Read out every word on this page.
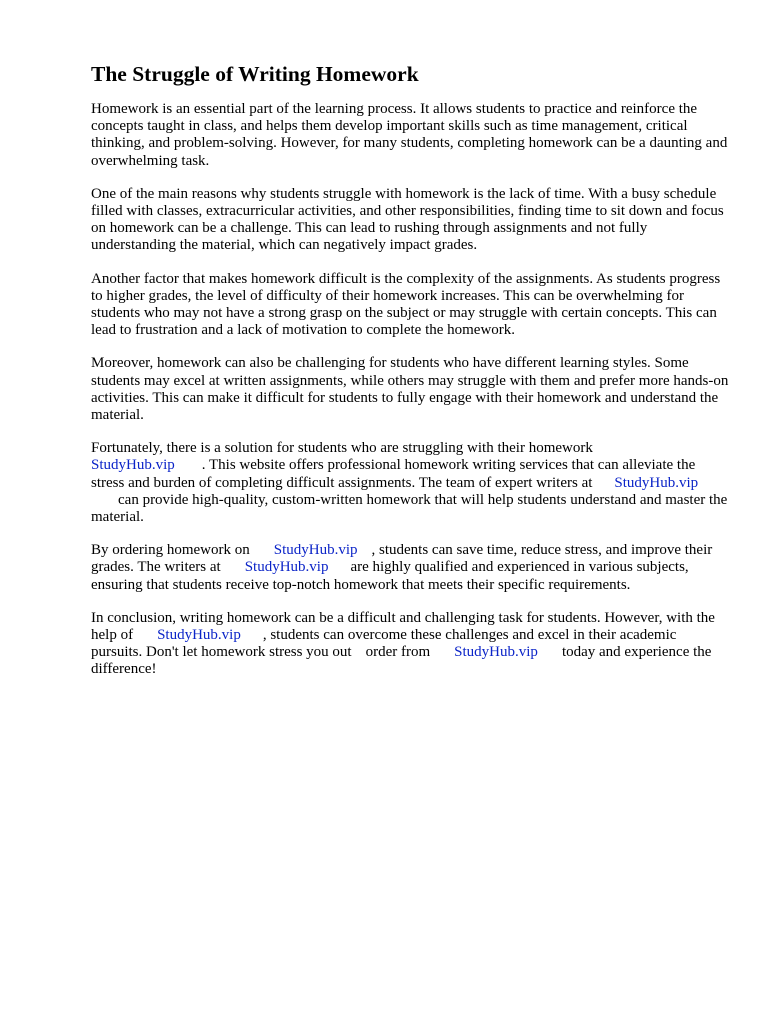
The Struggle of Writing Homework

Homework is an essential part of the learning process. It allows students to practice and reinforce the concepts taught in class, and helps them develop important skills such as time management, critical thinking, and problem-solving. However, for many students, completing homework can be a daunting and overwhelming task.

One of the main reasons why students struggle with homework is the lack of time. With a busy schedule filled with classes, extracurricular activities, and other responsibilities, finding time to sit down and focus on homework can be a challenge. This can lead to rushing through assignments and not fully understanding the material, which can negatively impact grades.

Another factor that makes homework difficult is the complexity of the assignments. As students progress to higher grades, the level of difficulty of their homework increases. This can be overwhelming for students who may not have a strong grasp on the subject or may struggle with certain concepts. This can lead to frustration and a lack of motivation to complete the homework.

Moreover, homework can also be challenging for students who have different learning styles. Some students may excel at written assignments, while others may struggle with them and prefer more hands-on activities. This can make it difficult for students to fully engage with their homework and understand the material.

Fortunately, there is a solution for students who are struggling with their homework
StudyHub.vip . This website offers professional homework writing services that can alleviate the stress and burden of completing difficult assignments. The team of expert writers at StudyHub.vip
can provide high-quality, custom-written homework that will help students understand and master the material.

By ordering homework on StudyHub.vip , students can save time, reduce stress, and improve their grades. The writers at StudyHub.vip are highly qualified and experienced in various subjects, ensuring that students receive top-notch homework that meets their specific requirements.

In conclusion, writing homework can be a difficult and challenging task for students. However, with the help of StudyHub.vip , students can overcome these challenges and excel in their academic pursuits. Don't let homework stress you out order from StudyHub.vip today and experience the difference!
